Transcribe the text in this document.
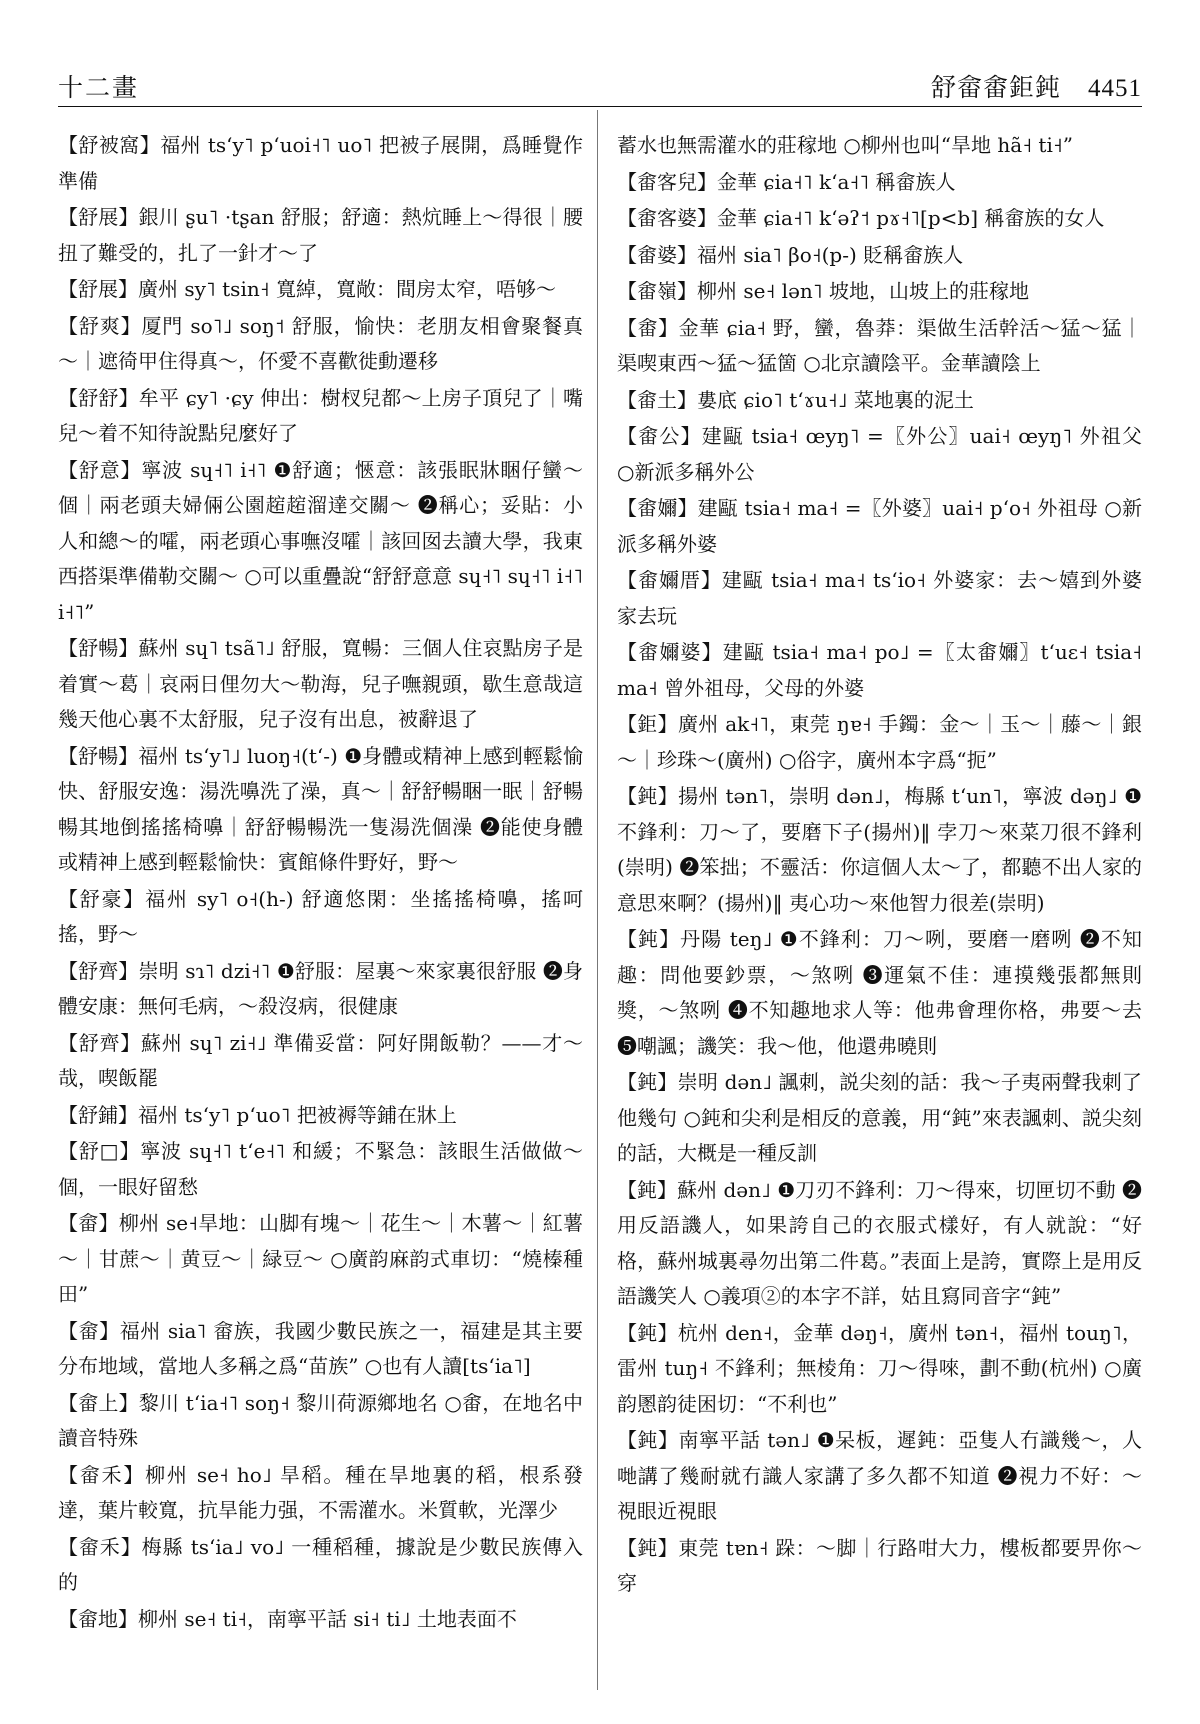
十二畫	舒畲畬鉅鈍 4451
【舒被窩】福州 tsʻy˥ pʻuoi˧˥ uo˥ 把被子展開，爲睡覺作準備
【舒展】銀川 ʂu˥ ·tʂan 舒服；舒適：熱炕睡上～得很｜腰扭了難受的，扎了一針才～了
【舒展】廣州 sy˥ tsin˧ 寬綽，寬敞：間房太窄，唔够～
【舒爽】厦門 so˥˩ soŋ˦ 舒服，愉快：老朋友相會聚餐真～｜遮徛甲住得真～，伓愛不喜歡徙動遷移
【舒舒】牟平 ɕy˥ ·ɕy 伸出：樹杈兒都～上房子頂兒了｜嘴兒～着不知待說點兒麼好了
【舒意】寧波 sɥ˧˥ i˧˥ ❶舒適；愜意：該張眠牀睏仔蠻～個｜兩老頭夫婦倆公園趤趤溜達交關～ ❷稱心；妥貼：小人和總～的嚯，兩老頭心事嘸沒嚯｜該回囡去讀大學，我東西搭渠準備勒交關～ ○可以重疊說“舒舒意意 sɥ˧˥ sɥ˧˥ i˧˥ i˧˥”
【舒暢】蘇州 sɥ˥ tsã˥˩ 舒服，寬暢：三個人住哀點房子是着實～葛｜哀兩日俚勿大～勒海，兒子嘸親頭，歇生意哉這幾天他心裏不太舒服，兒子沒有出息，被辭退了
【舒暢】福州 tsʻy˥˩ luoŋ˧(tʻ-) ❶身體或精神上感到輕鬆愉快、舒服安逸：湯洗嚊洗了澡，真～｜舒舒暢睏一眠｜舒暢暢其地倒搖搖椅嚊｜舒舒暢暢洗一隻湯洗個澡 ❷能使身體或精神上感到輕鬆愉快：賓館條件野好，野～
【舒豪】福州 sy˥ o˧(h-) 舒適悠閑：坐搖搖椅嚊，搖呵搖，野～
【舒齊】崇明 sɿ˥ dzi˧˥ ❶舒服：屋裏～來家裏很舒服 ❷身體安康：無何毛病，～殺沒病，很健康
【舒齊】蘇州 sɥ˥ zi˧˩ 準備妥當：阿好開飯勒？——才～哉，喫飯罷
【舒鋪】福州 tsʻy˥ pʻuo˥ 把被褥等鋪在牀上
【舒□】寧波 sɥ˧˥ tʻe˧˥ 和緩；不緊急：該眼生活做做～個，一眼好留愁
【畲】柳州 se˧旱地：山脚有塊～｜花生～｜木薯～｜紅薯～｜甘蔗～｜黄豆～｜緑豆～ ○廣韵麻韵式車切：“燒榛種田”
【畲】福州 sia˥ 畲族，我國少數民族之一，福建是其主要分布地域，當地人多稱之爲“苗族” ○也有人讀[tsʻia˥]
【畲上】黎川 tʻia˧˥ soŋ˧ 黎川荷源鄉地名 ○畬，在地名中讀音特殊
【畲禾】柳州 se˧ ho˩ 旱稻。種在旱地裏的稻，根系發達，葉片較寬，抗旱能力强，不需灌水。米質軟，光澤少
【畲禾】梅縣 tsʻia˩ vo˩ 一種稻種，據說是少數民族傳入的
【畲地】柳州 se˧ ti˧，南寧平話 si˧ ti˩ 土地表面不
蓄水也無需灌水的莊稼地 ○柳州也叫“旱地 hã˧ ti˧”
【畬客兒】金華 ɕia˧˥ kʻa˧˥ 稱畲族人
【畬客婆】金華 ɕia˧˥ kʻəʔ˦ pɤ˧˥[p<b] 稱畲族的女人
【畬婆】福州 sia˥ βo˧(p-) 貶稱畲族人
【畬嶺】柳州 se˧ lən˥ 坡地，山坡上的莊稼地
【畬】金華 ɕia˧ 野，蠻，魯莽：渠做生活幹活～猛～猛｜渠喫東西～猛～猛箇 ○北京讀陰平。金華讀陰上
【畬土】婁底 ɕio˥ tʻɤu˧˩ 菜地裏的泥土
【畬公】建甌 tsia˧ œyŋ˥ =〖外公〗uai˧ œyŋ˥ 外祖父 ○新派多稱外公
【畬嬭】建甌 tsia˧ ma˧ =〖外婆〗uai˧ pʻo˧ 外祖母 ○新派多稱外婆
【畬嬭厝】建甌 tsia˧ ma˧ tsʻio˧ 外婆家：去～嬉到外婆家去玩
【畬嬭婆】建甌 tsia˧ ma˧ po˩ =〖太畬嬭〗tʻuɛ˧ tsia˧ ma˧ 曾外祖母，父母的外婆
【鉅】廣州 ak˧˥，東莞 ŋɐ˧ 手鐲：金～｜玉～｜藤～｜銀～｜珍珠～(廣州) ○俗字，廣州本字爲“扼”
【鈍】揚州 tən˥，崇明 dən˩，梅縣 tʻun˥，寧波 dəŋ˩ ❶不鋒利：刀～了，要磨下子(揚州)‖ 孛刀～來菜刀很不鋒利(崇明) ❷笨拙；不靈活：你這個人太～了，都聽不出人家的意思來啊？(揚州)‖ 夷心功～來他智力很差(崇明)
【鈍】丹陽 teŋ˩ ❶不鋒利：刀～咧，要磨一磨咧 ❷不知趣：問他要鈔票，～煞咧 ❸運氣不佳：連摸幾張都無則獎，～煞咧 ❹不知趣地求人等：他弗會理你格，弗要～去 ❺嘲諷；譏笑：我～他，他還弗曉則
【鈍】崇明 dən˩ 諷刺，説尖刻的話：我～子夷兩聲我刺了他幾句 ○鈍和尖利是相反的意義，用“鈍”來表諷刺、説尖刻的話，大概是一種反訓
【鈍】蘇州 dən˩ ❶刀刃不鋒利：刀～得來，切匣切不動 ❷用反語譏人，如果誇自己的衣服式樣好，有人就說：“好格，蘇州城裏尋勿出第二件葛。”表面上是誇，實際上是用反語譏笑人 ○義項②的本字不詳，姑且寫同音字“鈍”
【鈍】杭州 den˧，金華 dəŋ˧，廣州 tən˧，福州 touŋ˥，雷州 tuŋ˧ 不鋒利；無棱角：刀～得唻，劃不動(杭州) ○廣韵慁韵徒困切：“不利也”
【鈍】南寧平話 tən˩ ❶呆板，遲鈍：亞隻人冇識幾～，人哋講了幾耐就冇識人家講了多久都不知道 ❷視力不好：～視眼近視眼
【鈍】東莞 tɐn˧ 跺：～脚｜行路咁大力，樓板都要畀你～穿
